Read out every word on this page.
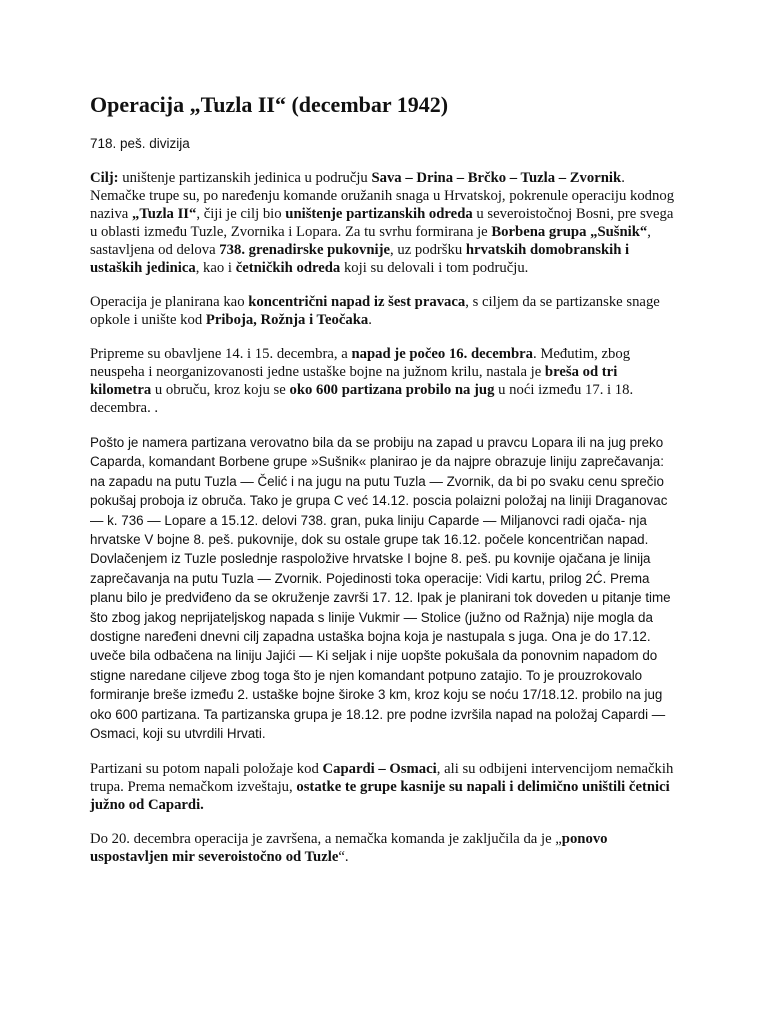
Operacija „Tuzla II“ (decembar 1942)

718. peš. divizija

Cilj: uništenje partizanskih jedinica u području Sava – Drina – Brčko – Tuzla – Zvornik. Nemačke trupe su, po naređenju komande oružanih snaga u Hrvatskoj, pokrenule operaciju kodnog naziva „Tuzla II“, čiji je cilj bio uništenje partizanskih odreda u severoistočnoj Bosni, pre svega u oblasti između Tuzle, Zvornika i Lopara. Za tu svrhu formirana je Borbena grupa „Sušnik“, sastavljena od delova 738. grenadirske pukovnije, uz podršku hrvatskih domobranskih i ustaških jedinica, kao i četničkih odreda koji su delovali i tom području.

Operacija je planirana kao koncentrični napad iz šest pravaca, s ciljem da se partizanske snage opkole i unište kod Priboja, Rožnja i Teočaka.

Pripreme su obavljene 14. i 15. decembra, a napad je počeo 16. decembra. Međutim, zbog neuspeha i neorganizovanosti jedne ustaške bojne na južnom krilu, nastala je breša od tri kilometra u obruču, kroz koju se oko 600 partizana probilo na jug u noći između 17. i 18. decembra. .

Pošto je namera partizana verovatno bila da se probiju na zapad u pravcu Lopara ili na jug preko Caparda, komandant Borbene grupe »Sušnik« planirao je da najpre obrazuje liniju zaprečavanja: na zapadu na putu Tuzla — Čelić i na jugu na putu Tuzla — Zvornik, da bi po svaku cenu sprečio pokušaj proboja iz obruča. Tako je grupa C već 14.12. poscia polaizni položaj na liniji Draganovac — k. 736 — Lopare a 15.12. delovi 738. gran, puka liniju Caparde — Miljanovci radi ojača- nja hrvatske V bojne 8. peš. pukovnije, dok su ostale grupe tak 16.12. počele koncentričan napad. Dovlačenjem iz Tuzle poslednje raspoložive hrvatske I bojne 8. peš. pu kovnije ojačana je linija zaprečavanja na putu Tuzla — Zvornik. Pojedinosti toka operacije: Vidi kartu, prilog 2Ć. Prema planu bilo je predviđeno da se okruženje završi 17. 12. Ipak je planirani tok doveden u pitanje time što zbog jakog neprijateljskog napada s linije Vukmir — Stolice (južno od Ražnja) nije mogla da dostigne naređeni dnevni cilj zapadna ustaška bojna koja je nastupala s juga. Ona je do 17.12. uveče bila odbačena na liniju Jajići — Ki seljak i nije uopšte pokušala da ponovnim napadom do stigne naredane ciljeve zbog toga što je njen komandant potpuno zatajio. To je prouzrokovalo formiranje breše između 2. ustaške bojne široke 3 km, kroz koju se noću 17/18.12. probilo na jug oko 600 partizana. Ta partizanska grupa je 18.12. pre podne izvršila napad na položaj Capardi — Osmaci, koji su utvrdili Hrvati.

Partizani su potom napali položaje kod Capardi – Osmaci, ali su odbijeni intervencijom nemačkih trupa. Prema nemačkom izveštaju, ostatke te grupe kasnije su napali i delimično uništili četnici južno od Capardi.

Do 20. decembra operacija je završena, a nemačka komanda je zaključila da je „ponovo uspostavljen mir severoistočno od Tuzle“.
